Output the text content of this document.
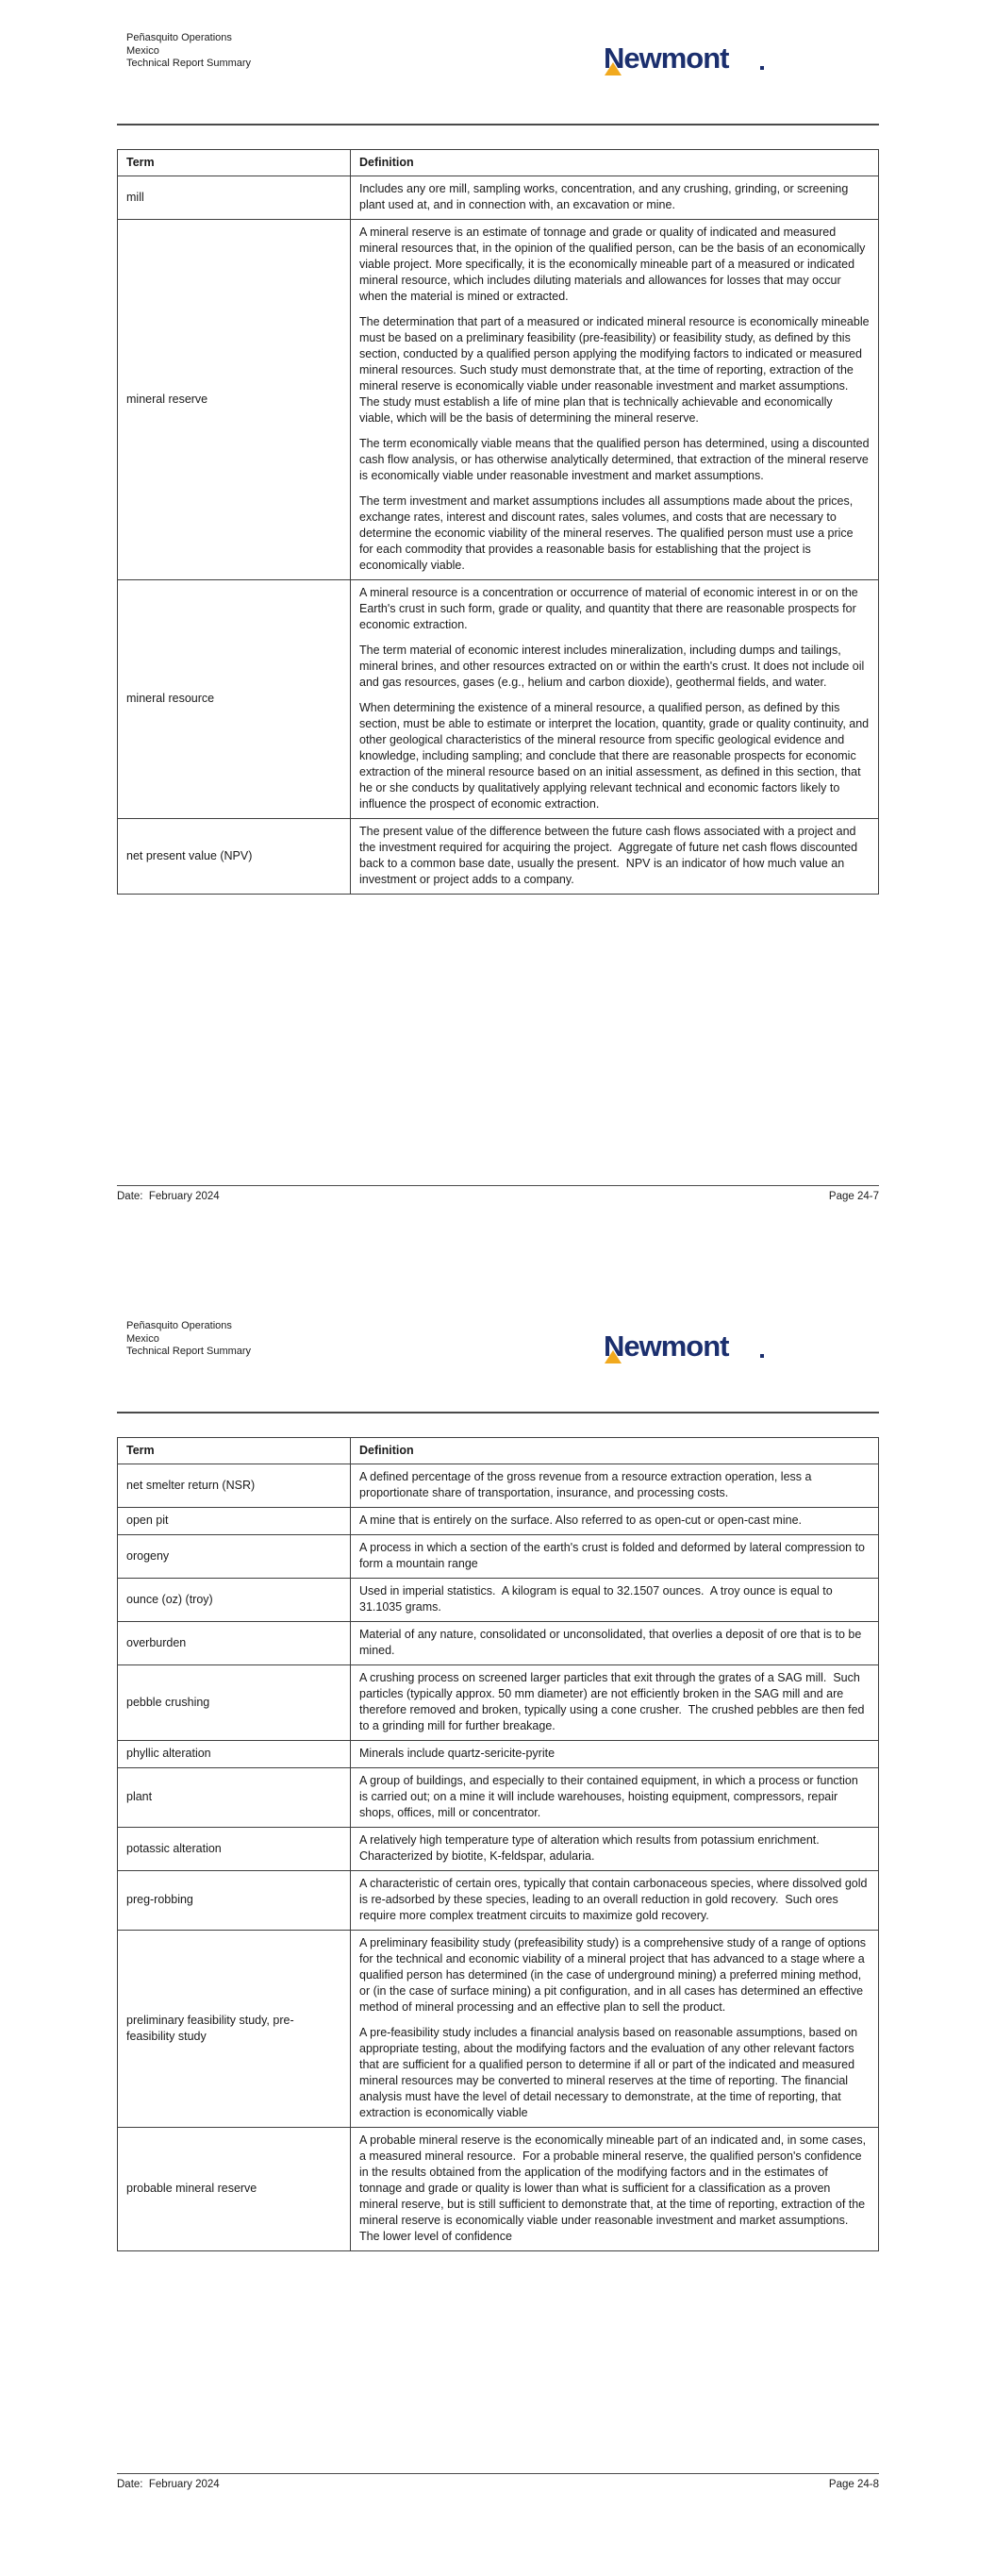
Peñasquito Operations
Mexico
Technical Report Summary	Newmont
Term	Definition
mill	Includes any ore mill, sampling works, concentration, and any crushing, grinding, or screening plant used at, and in connection with, an excavation or mine.

mineral reserve	A mineral reserve is an estimate of tonnage and grade or quality of indicated and measured mineral resources that, in the opinion of the qualified person, can be the basis of an economically viable project. More specifically, it is the economically mineable part of a measured or indicated mineral resource, which includes diluting materials and allowances for losses that may occur when the material is mined or extracted.

The determination that part of a measured or indicated mineral resource is economically mineable must be based on a preliminary feasibility (pre-feasibility) or feasibility study, as defined by this section, conducted by a qualified person applying the modifying factors to indicated or measured mineral resources. Such study must demonstrate that, at the time of reporting, extraction of the mineral reserve is economically viable under reasonable investment and market assumptions. The study must establish a life of mine plan that is technically achievable and economically viable, which will be the basis of determining the mineral reserve.

The term economically viable means that the qualified person has determined, using a discounted cash flow analysis, or has otherwise analytically determined, that extraction of the mineral reserve is economically viable under reasonable investment and market assumptions.

The term investment and market assumptions includes all assumptions made about the prices, exchange rates, interest and discount rates, sales volumes, and costs that are necessary to determine the economic viability of the mineral reserves. The qualified person must use a price for each commodity that provides a reasonable basis for establishing that the project is economically viable.

mineral resource	A mineral resource is a concentration or occurrence of material of economic interest in or on the Earth's crust in such form, grade or quality, and quantity that there are reasonable prospects for economic extraction.

The term material of economic interest includes mineralization, including dumps and tailings, mineral brines, and other resources extracted on or within the earth's crust. It does not include oil and gas resources, gases (e.g., helium and carbon dioxide), geothermal fields, and water.

When determining the existence of a mineral resource, a qualified person, as defined by this section, must be able to estimate or interpret the location, quantity, grade or quality continuity, and other geological characteristics of the mineral resource from specific geological evidence and knowledge, including sampling; and conclude that there are reasonable prospects for economic extraction of the mineral resource based on an initial assessment, as defined in this section, that he or she conducts by qualitatively applying relevant technical and economic factors likely to influence the prospect of economic extraction.

net present value (NPV)	The present value of the difference between the future cash flows associated with a project and the investment required for acquiring the project.  Aggregate of future net cash flows discounted back to a common base date, usually the present.  NPV is an indicator of how much value an investment or project adds to a company.

Date:  February 2024	Page 24-7
Peñasquito Operations
Mexico
Technical Report Summary	Newmont
Term	Definition
net smelter return (NSR)	A defined percentage of the gross revenue from a resource extraction operation, less a proportionate share of transportation, insurance, and processing costs.

open pit	A mine that is entirely on the surface. Also referred to as open-cut or open-cast mine.

orogeny	A process in which a section of the earth's crust is folded and deformed by lateral compression to form a mountain range

ounce (oz) (troy)	Used in imperial statistics.  A kilogram is equal to 32.1507 ounces.  A troy ounce is equal to 31.1035 grams.

overburden	Material of any nature, consolidated or unconsolidated, that overlies a deposit of ore that is to be mined.

pebble crushing	A crushing process on screened larger particles that exit through the grates of a SAG mill.  Such particles (typically approx. 50 mm diameter) are not efficiently broken in the SAG mill and are therefore removed and broken, typically using a cone crusher.  The crushed pebbles are then fed to a grinding mill for further breakage.

phyllic alteration	Minerals include quartz-sericite-pyrite

plant	A group of buildings, and especially to their contained equipment, in which a process or function is carried out; on a mine it will include warehouses, hoisting equipment, compressors, repair shops, offices, mill or concentrator.

potassic alteration	A relatively high temperature type of alteration which results from potassium enrichment.  Characterized by biotite, K-feldspar, adularia.

preg-robbing	A characteristic of certain ores, typically that contain carbonaceous species, where dissolved gold is re-adsorbed by these species, leading to an overall reduction in gold recovery.  Such ores require more complex treatment circuits to maximize gold recovery.

preliminary feasibility study, pre-feasibility study	A preliminary feasibility study (prefeasibility study) is a comprehensive study of a range of options for the technical and economic viability of a mineral project that has advanced to a stage where a qualified person has determined (in the case of underground mining) a preferred mining method, or (in the case of surface mining) a pit configuration, and in all cases has determined an effective method of mineral processing and an effective plan to sell the product.

A pre-feasibility study includes a financial analysis based on reasonable assumptions, based on appropriate testing, about the modifying factors and the evaluation of any other relevant factors that are sufficient for a qualified person to determine if all or part of the indicated and measured mineral resources may be converted to mineral reserves at the time of reporting. The financial analysis must have the level of detail necessary to demonstrate, at the time of reporting, that extraction is economically viable

probable mineral reserve	A probable mineral reserve is the economically mineable part of an indicated and, in some cases, a measured mineral resource.  For a probable mineral reserve, the qualified person's confidence in the results obtained from the application of the modifying factors and in the estimates of tonnage and grade or quality is lower than what is sufficient for a classification as a proven mineral reserve, but is still sufficient to demonstrate that, at the time of reporting, extraction of the mineral reserve is economically viable under reasonable investment and market assumptions. The lower level of confidence

Date:  February 2024	Page 24-8
